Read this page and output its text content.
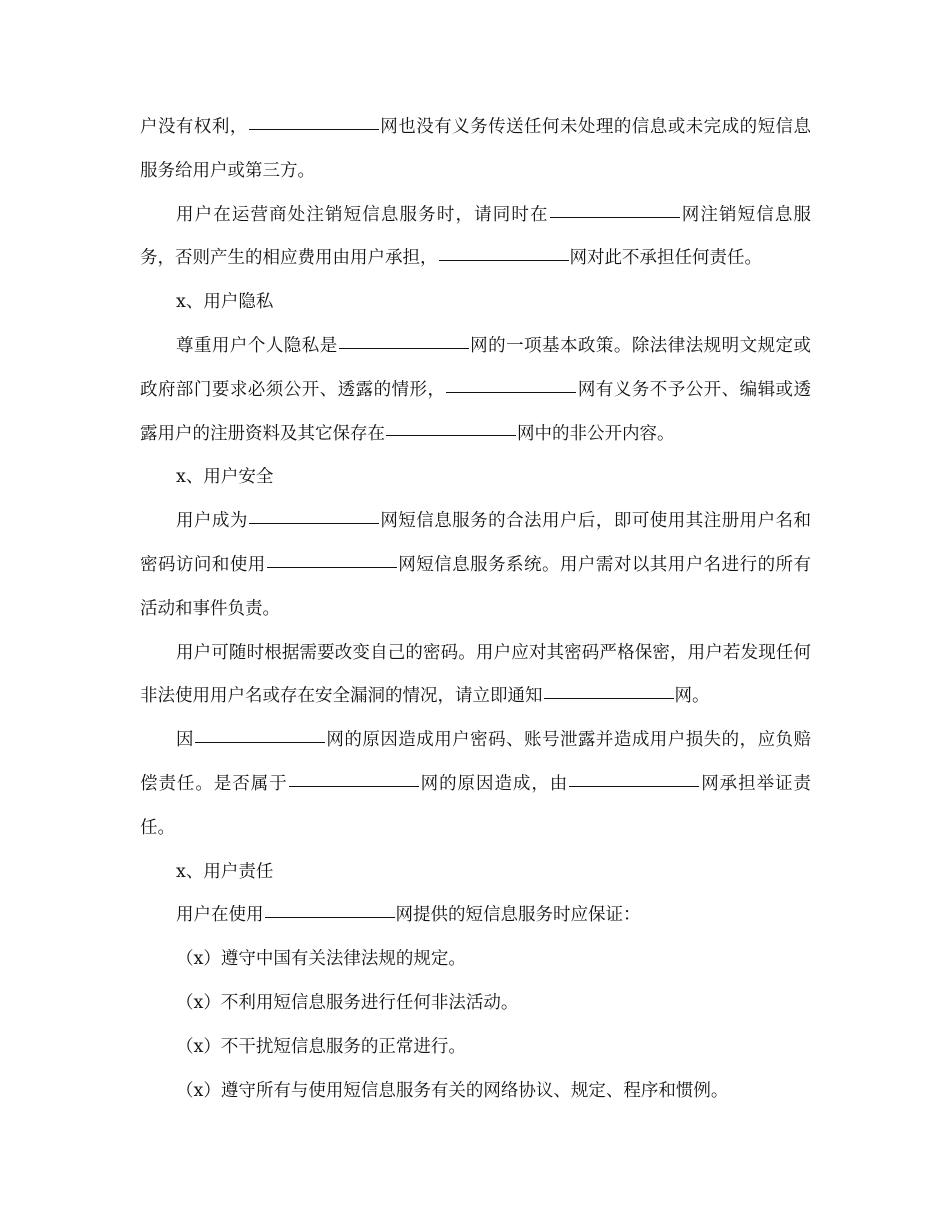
户没有权利，	网也没有义务传送任何未处理的信息或未完成的短信息服务给用户或第三方。

用户在运营商处注销短信息服务时，请同时在	网注销短信息服务，否则产生的相应费用由用户承担，	网对此不承担任何责任。

x、用户隐私

尊重用户个人隐私是	网的一项基本政策。除法律法规明文规定或政府部门要求必须公开、透露的情形，	网有义务不予公开、编辑或透露用户的注册资料及其它保存在	网中的非公开内容。

x、用户安全

用户成为	网短信息服务的合法用户后，即可使用其注册用户名和密码访问和使用	网短信息服务系统。用户需对以其用户名进行的所有活动和事件负责。

用户可随时根据需要改变自己的密码。用户应对其密码严格保密，用户若发现任何非法使用用户名或存在安全漏洞的情况，请立即通知	网。

因	网的原因造成用户密码、账号泄露并造成用户损失的，应负赔偿责任。是否属于	网的原因造成，由	网承担举证责任。

x、用户责任

用户在使用	网提供的短信息服务时应保证：

（x）遵守中国有关法律法规的规定。

（x）不利用短信息服务进行任何非法活动。

（x）不干扰短信息服务的正常进行。

（x）遵守所有与使用短信息服务有关的网络协议、规定、程序和惯例。
